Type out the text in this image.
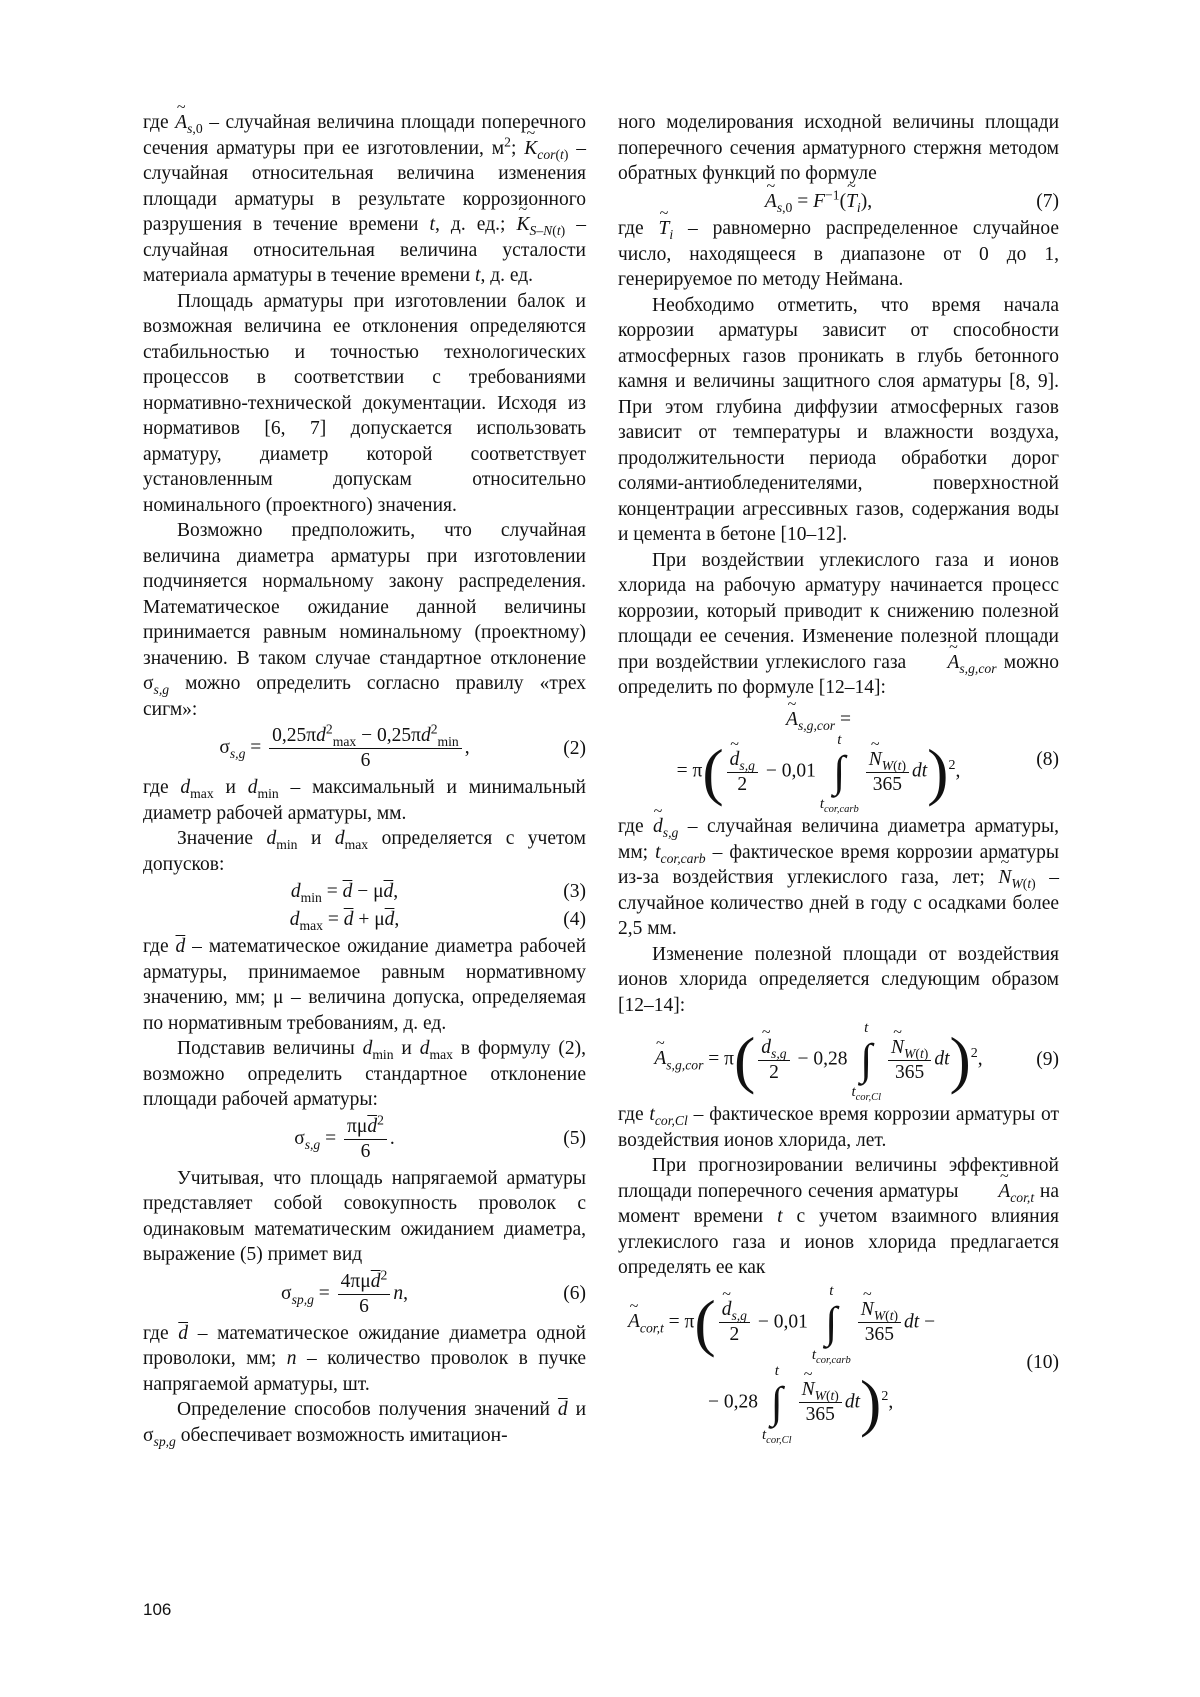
где ~ $A_{s,0}$ – случайная величина площади поперечного сечения арматуры при ее изготовлении, $м^2$; ~ $K_{cor(t)}$ – случайная относительная величина изменения площади арматуры в результате коррозионного разрушения в течение времени t, д. ед.; ~ $K_{S-N(t)}$ – случайная относительная величина усталости материала арматуры в течение времени t, д. ед.

Площадь арматуры при изготовлении балок и возможная величина ее отклонения определяются стабильностью и точностью технологических процессов в соответствии с требованиями нормативно-технической документации. Исходя из нормативов [6, 7] допускается использовать арматуру, диаметр которой соответствует установленным допускам относительно номинального (проектного) значения.

Возможно предположить, что случайная величина диаметра арматуры при изготовлении подчиняется нормальному закону распределения. Математическое ожидание данной величины принимается равным номинальному (проектному) значению. В таком случае стандартное отклонение $\sigma_{s,g}$ можно определить согласно правилу «трех сигм»:

$\sigma_{s,g} = \frac{0,25\pi d^2_{max} - 0,25\pi d^2_{min}}{6}$ ,	(2)

где $d_{max}$ и $d_{min}$ – максимальный и минимальный диаметр рабочей арматуры, мм.

Значение $d_{min}$ и $d_{max}$ определяется с учетом допусков:

$d_{min} = \overline{d} - \mu\overline{d}$,	(3)
$d_{max} = \overline{d} + \mu\overline{d}$,	(4)

где $\overline{d}$ – математическое ожидание диаметра рабочей арматуры, принимаемое равным нормативному значению, мм; μ – величина допуска, определяемая по нормативным требованиям, д. ед.

Подставив величины $d_{min}$ и $d_{max}$ в формулу (2), возможно определить стандартное отклонение площади рабочей арматуры:

$\sigma_{s,g} = \frac{\pi\mu\overline{d}^2}{6}$ .	(5)

Учитывая, что площадь напрягаемой арматуры представляет собой совокупность проволок с одинаковым математическим ожиданием диаметра, выражение (5) примет вид

$\sigma_{sp,g} = \frac{4\pi\mu\overline{d}^2}{6} n$,	(6)

где $\overline{d}$ – математическое ожидание диаметра одной проволоки, мм; n – количество проволок в пучке напрягаемой арматуры, шт.

Определение способов получения значений $\overline{d}$ и $\sigma_{sp,g}$ обеспечивает возможность имитацион-

ного моделирования исходной величины площади поперечного сечения арматурного стержня методом обратных функций по формуле

~ $A_{s,0}$ = $F^{-1}(\sim$ $T_i$),	(7)

где ~ $T_i$ – равномерно распределенное случайное число, находящееся в диапазоне от 0 до 1, генерируемое по методу Неймана.

Необходимо отметить, что время начала коррозии арматуры зависит от способности атмосферных газов проникать в глубь бетонного камня и величины защитного слоя арматуры [8, 9]. При этом глубина диффузии атмосферных газов зависит от температуры и влажности воздуха, продолжительности периода обработки дорог солями-антиобледенителями, поверхностной концентрации агрессивных газов, содержания воды и цемента в бетоне [10–12].

При воздействии углекислого газа и ионов хлорида на рабочую арматуру начинается процесс коррозии, который приводит к снижению полезной площади ее сечения. Изменение полезной площади при воздействии углекислого газа ~ $A_{s,g,cor}$ можно определить по формуле [12–14]:

~ $A_{s,g,cor}$ =
= π( ~ $\frac{d_{s,g}}{2} - 0,01$
t
∫
$t_{cor,carb}$
~ $\frac{N_{W(t)}}{365} dt)^2$,
(8)

где ~ $d_{s,g}$ – случайная величина диаметра арматуры, мм; $t_{cor,carb}$ – фактическое время коррозии арматуры из-за воздействия углекислого газа, лет; ~ $N_{W(t)}$ – случайное количество дней в году с осадками более 2,5 мм.

Изменение полезной площади от воздействия ионов хлорида определяется следующим образом [12–14]:

~ $A_{s,g,cor} = \pi$( ~ $\frac{d_{s,g}}{2} - 0,28$
t
∫
$t_{cor,Cl}$
~ $\frac{N_{W(t)}}{365} dt)^2$,	(9)

где $t_{cor,Cl}$ – фактическое время коррозии арматуры от воздействия ионов хлорида, лет.

При прогнозировании величины эффективной площади поперечного сечения арматуры ~ $A_{cor,t}$ на момент времени t с учетом взаимного влияния углекислого газа и ионов хлорида предлагается определять ее как

~ $A_{cor,t} = \pi$( ~ $\frac{d_{s,g}}{2} - 0,01$
t
∫
$t_{cor,carb}$
~ $\frac{N_{W(t)}}{365}$ dt −
− 0,28
t
∫
$t_{cor,Cl}$
~ $\frac{N_{W(t)}}{365} dt)^2$,
(10)
106
